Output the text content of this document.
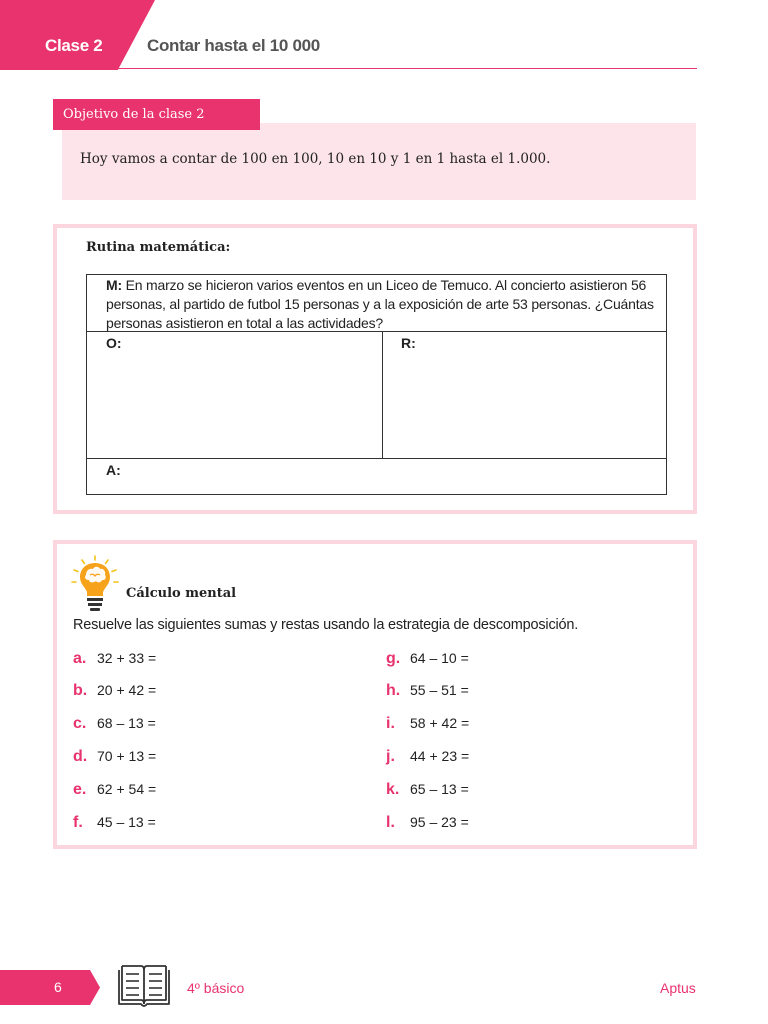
Clase 2	Contar hasta el 10 000
Objetivo de la clase 2
Hoy vamos a contar de 100 en 100, 10 en 10 y 1 en 1 hasta el 1.000.
Rutina matemática:
M: En marzo se hicieron varios eventos en un Liceo de Temuco. Al concierto asistieron 56 personas, al partido de futbol 15 personas y a la exposición de arte 53 personas. ¿Cuántas personas asistieron en total a las actividades?
O:	R:
A:
Cálculo mental
Resuelve las siguientes sumas y restas usando la estrategia de descomposición.
a. 32 + 33 =
b. 20 + 42 =
c. 68 – 13 =
d. 70 + 13 =
e. 62 + 54 =
f. 45 – 13 =
g. 64 – 10 =
h. 55 – 51 =
i. 58 + 42 =
j. 44 + 23 =
k. 65 – 13 =
l. 95 – 23 =
6	4º básico	Aptus
